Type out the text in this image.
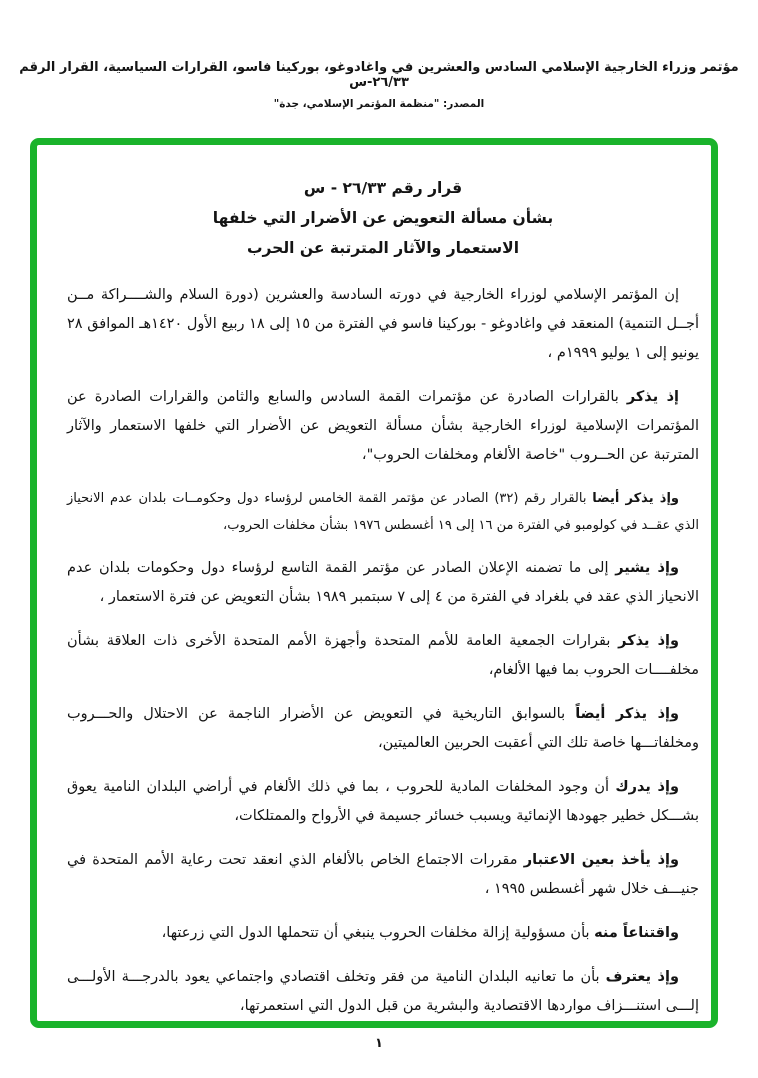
مؤتمر وزراء الخارجية الإسلامي السادس والعشرين في واغادوغو، بوركينا فاسو، القرارات السياسية، القرار الرقم ٢٦/٣٣-س
المصدر: "منظمة المؤتمر الإسلامي، جدة"
قرار رقم ٢٦/٣٣ - س
بشأن مسألة التعويض عن الأضرار التي خلفها
الاستعمار والآثار المترتبة عن الحرب

إن المؤتمر الإسلامي لوزراء الخارجية في دورته السادسة والعشرين (دورة السلام والشــــراكة مــن أجــل التنمية) المنعقد في واغادوغو - بوركينا فاسو في الفترة من ١٥ إلى ١٨ ربيع الأول ١٤٢٠هـ الموافق ٢٨ يونيو إلى ١ يوليو ١٩٩٩م ،

إذ يذكر بالقرارات الصادرة عن مؤتمرات القمة السادس والسابع والثامن والقرارات الصادرة عن المؤتمرات الإسلامية لوزراء الخارجية بشأن مسألة التعويض عن الأضرار التي خلفها الاستعمار والآثار المترتبة عن الحــروب "خاصة الألغام ومخلفات الحروب"،

وإذ يذكر أيضا بالقرار رقم (٣٢) الصادر عن مؤتمر القمة الخامس لرؤساء دول وحكومــات بلدان عدم الانحياز الذي عقــد في كولومبو في الفترة من ١٦ إلى ١٩ أغسطس ١٩٧٦ بشأن مخلفات الحروب،

وإذ يشير إلى ما تضمنه الإعلان الصادر عن مؤتمر القمة التاسع لرؤساء دول وحكومات بلدان عدم الانحياز الذي عقد في بلغراد في الفترة من ٤ إلى ٧ سبتمبر ١٩٨٩ بشأن التعويض عن فترة الاستعمار ،

وإذ يذكر بقرارات الجمعية العامة للأمم المتحدة وأجهزة الأمم المتحدة الأخرى ذات العلاقة بشأن مخلفــــات الحروب بما فيها الألغام،

وإذ يذكر أيضاً بالسوابق التاريخية في التعويض عن الأضرار الناجمة عن الاحتلال والحـــروب ومخلفاتـــها خاصة تلك التي أعقبت الحربين العالميتين،

وإذ يدرك أن وجود المخلفات المادية للحروب ، بما في ذلك الألغام في أراضي البلدان النامية يعوق بشـــكل خطير جهودها الإنمائية ويسبب خسائر جسيمة في الأرواح والممتلكات،

وإذ يأخذ بعين الاعتبار مقررات الاجتماع الخاص بالألغام الذي انعقد تحت رعاية الأمم المتحدة في جنيـــف خلال شهر أغسطس ١٩٩٥ ،

واقتناعاً منه بأن مسؤولية إزالة مخلفات الحروب ينبغي أن تتحملها الدول التي زرعتها،

وإذ يعترف بأن ما تعانيه البلدان النامية من فقر وتخلف اقتصادي واجتماعي يعود بالدرجـــة الأولـــى إلـــى استنـــزاف مواردها الاقتصادية والبشرية من قبل الدول التي استعمرتها،

١
